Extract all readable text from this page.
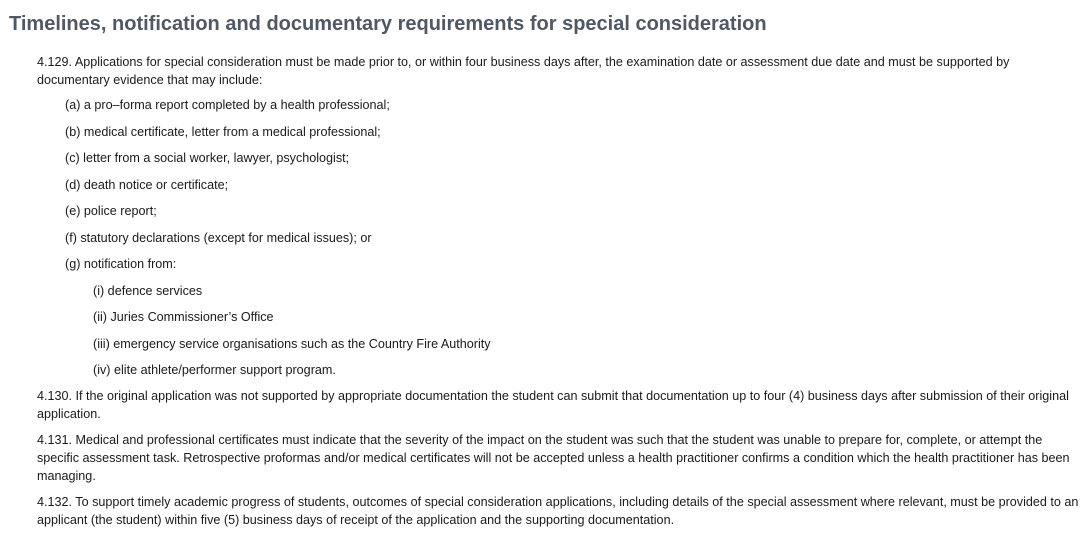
Timelines, notification and documentary requirements for special consideration

4.129. Applications for special consideration must be made prior to, or within four business days after, the examination date or assessment due date and must be supported by documentary evidence that may include:

(a) a pro–forma report completed by a health professional;
(b) medical certificate, letter from a medical professional;
(c) letter from a social worker, lawyer, psychologist;
(d) death notice or certificate;
(e) police report;
(f) statutory declarations (except for medical issues); or
(g) notification from:
(i) defence services
(ii) Juries Commissioner’s Office
(iii) emergency service organisations such as the Country Fire Authority
(iv) elite athlete/performer support program.

4.130. If the original application was not supported by appropriate documentation the student can submit that documentation up to four (4) business days after submission of their original application.

4.131. Medical and professional certificates must indicate that the severity of the impact on the student was such that the student was unable to prepare for, complete, or attempt the specific assessment task. Retrospective proformas and/or medical certificates will not be accepted unless a health practitioner confirms a condition which the health practitioner has been managing.

4.132. To support timely academic progress of students, outcomes of special consideration applications, including details of the special assessment where relevant, must be provided to an applicant (the student) within five (5) business days of receipt of the application and the supporting documentation.
